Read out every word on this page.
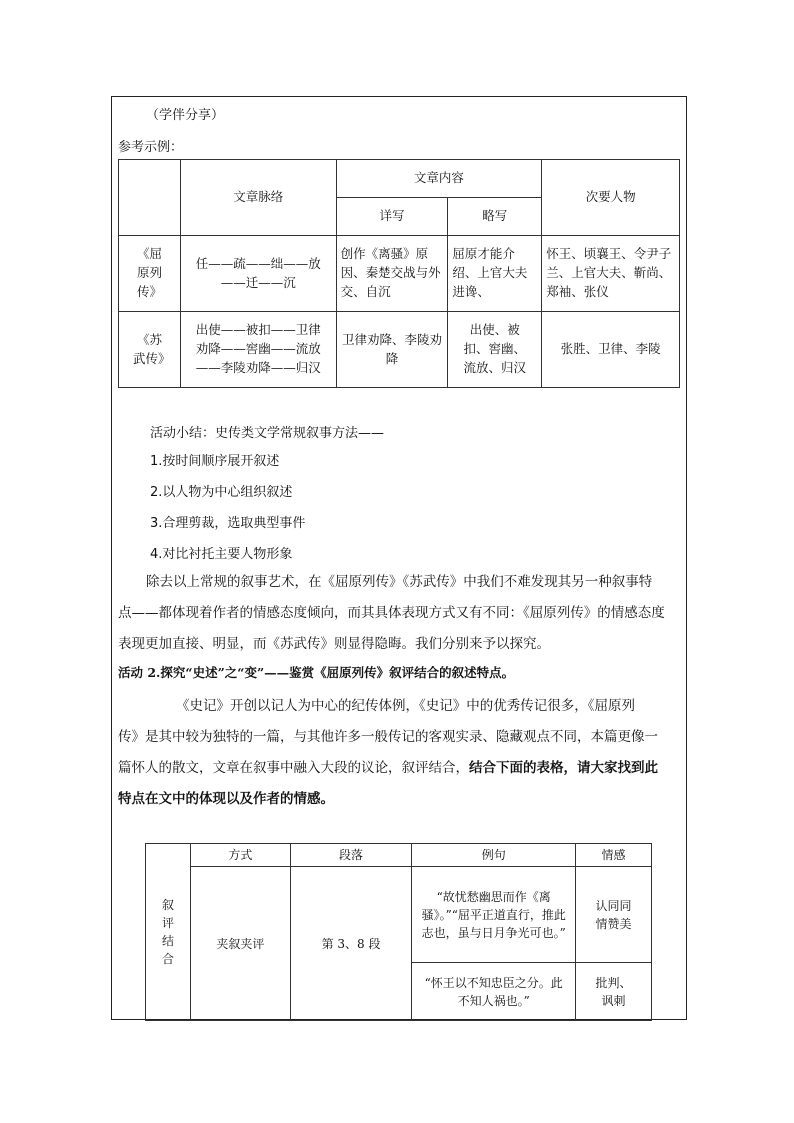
（学伴分享）
参考示例：
	文章脉络	文章内容		次要人物
		详写	略写	
《屈原列传》	任——疏——绌——放——迁——沉	创作《离骚》原因、秦楚交战与外交、自沉	屈原才能介绍、上官大夫进谗、	怀王、顷襄王、令尹子兰、上官大夫、靳尚、郑袖、张仪
《苏武传》	出使——被扣——卫律劝降——窖幽——流放——李陵劝降——归汉	卫律劝降、李陵劝降	出使、被扣、窖幽、流放、归汉	张胜、卫律、李陵
活动小结：史传类文学常规叙事方法——
1.按时间顺序展开叙述
2.以人物为中心组织叙述
3.合理剪裁，选取典型事件
4.对比衬托主要人物形象
除去以上常规的叙事艺术，在《屈原列传》《苏武传》中我们不难发现其另一种叙事特
点——都体现着作者的情感态度倾向，而其具体表现方式又有不同：《屈原列传》的情感态度
表现更加直接、明显，而《苏武传》则显得隐晦。我们分别来予以探究。
活动 2.探究“史述”之“变”——鉴赏《屈原列传》叙评结合的叙述特点。
《史记》开创以记人为中心的纪传体例，《史记》中的优秀传记很多，《屈原列
传》是其中较为独特的一篇，与其他许多一般传记的客观实录、隐藏观点不同，本篇更像一
篇怀人的散文，文章在叙事中融入大段的议论，叙评结合，结合下面的表格，请大家找到此
特点在文中的体现以及作者的情感。
叙评结合	方式	段落	例句	情感
	夹叙夹评	第 3、8 段	“故忧愁幽思而作《离骚》。”“屈平正道直行，推此志也，虽与日月争光可也。”	认同同情赞美
			“怀王以不知忠臣之分。此不知人祸也。”	批判、讽刺
